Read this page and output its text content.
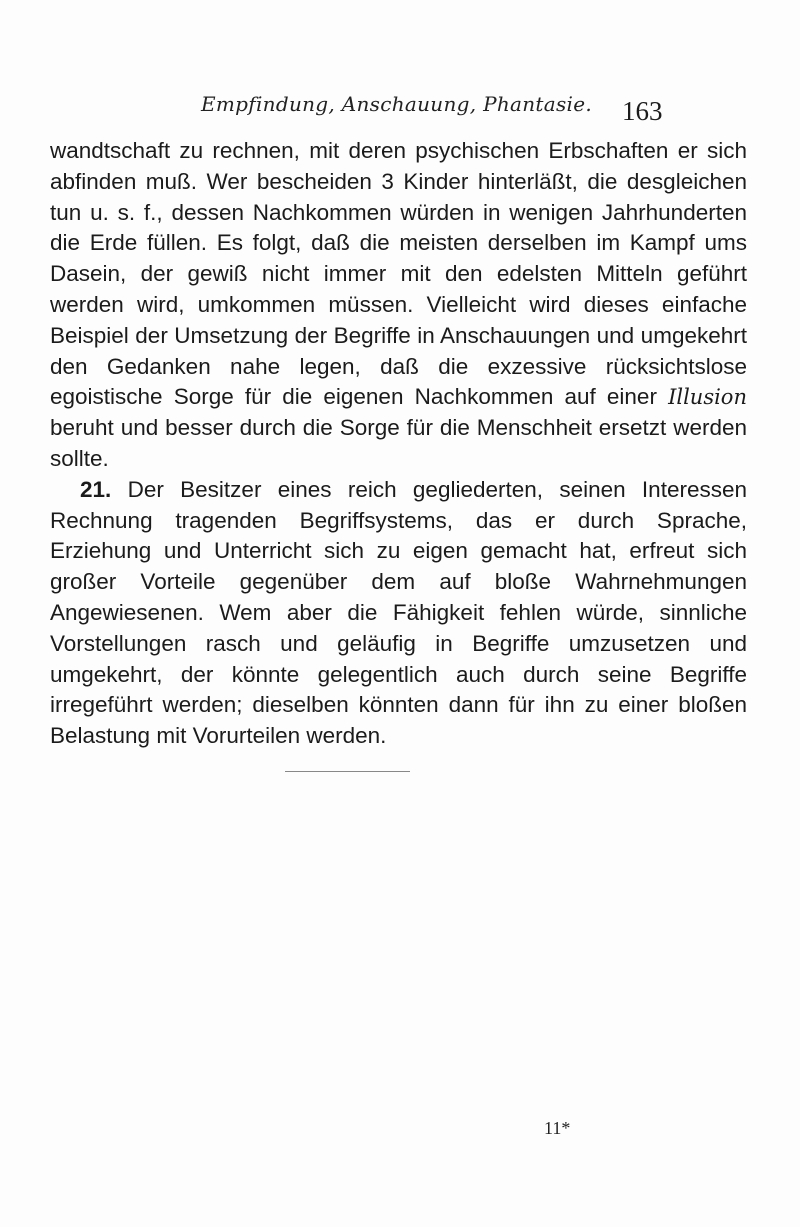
Empfindung, Anschauung, Phantasie. 163

wandtschaft zu rechnen, mit deren psychischen Erbschaften er sich abfinden muß. Wer bescheiden 3 Kinder hinterläßt, die desgleichen tun u. s. f., dessen Nachkommen würden in wenigen Jahrhunderten die Erde füllen. Es folgt, daß die meisten derselben im Kampf ums Dasein, der gewiß nicht immer mit den edelsten Mitteln geführt werden wird, umkommen müssen. Vielleicht wird dieses einfache Beispiel der Umsetzung der Begriffe in Anschauungen und umgekehrt den Gedanken nahe legen, daß die exzessive rücksichtslose egoistische Sorge für die eigenen Nachkommen auf einer Illusion beruht und besser durch die Sorge für die Menschheit ersetzt werden sollte.

21. Der Besitzer eines reich gegliederten, seinen Interessen Rechnung tragenden Begriffsystems, das er durch Sprache, Erziehung und Unterricht sich zu eigen gemacht hat, erfreut sich großer Vorteile gegenüber dem auf bloße Wahrnehmungen Angewiesenen. Wem aber die Fähigkeit fehlen würde, sinnliche Vorstellungen rasch und geläufig in Begriffe umzusetzen und umgekehrt, der könnte gelegentlich auch durch seine Begriffe irregeführt werden; dieselben könnten dann für ihn zu einer bloßen Belastung mit Vorurteilen werden.

11*
